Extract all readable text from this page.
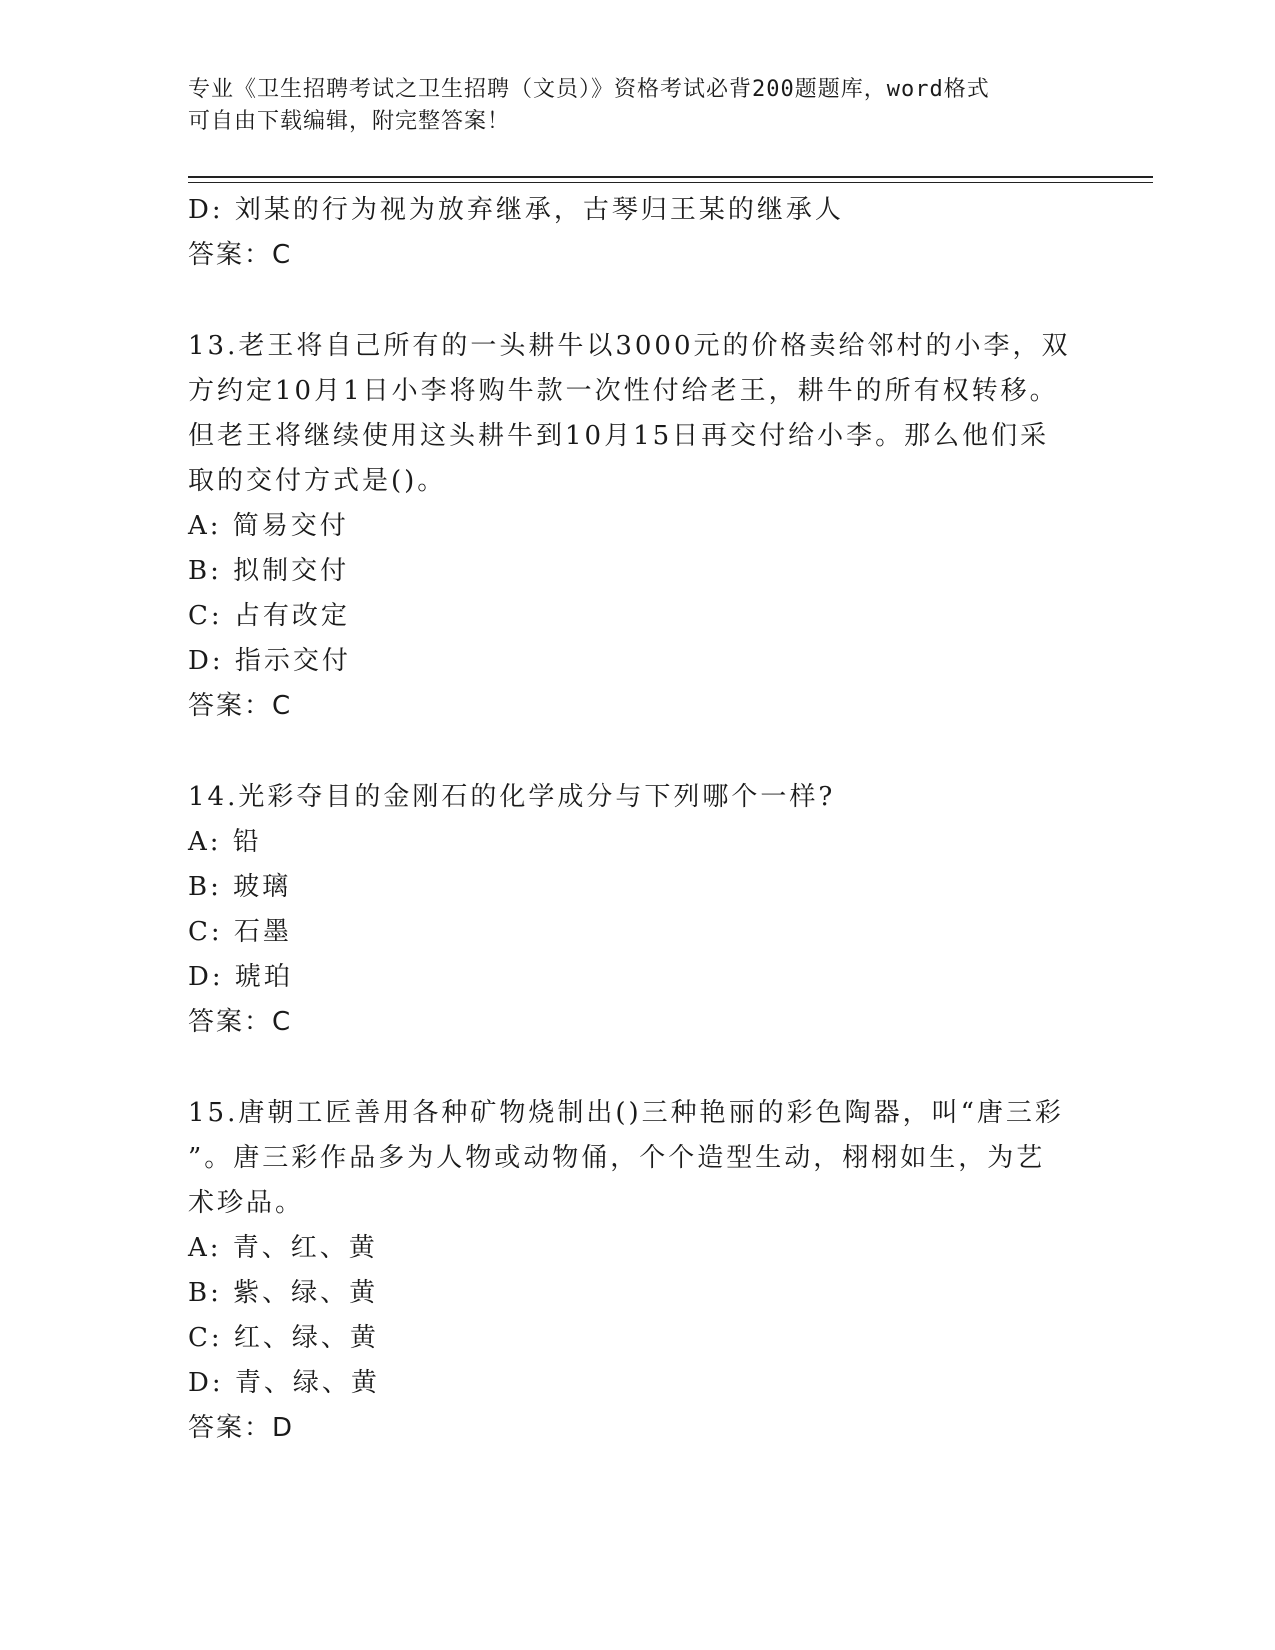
专业《卫生招聘考试之卫生招聘（文员）》资格考试必背200题题库，word格式
可自由下载编辑，附完整答案！
D: 刘某的行为视为放弃继承，古琴归王某的继承人
答案：C
13.老王将自己所有的一头耕牛以3000元的价格卖给邻村的小李，双
方约定10月1日小李将购牛款一次性付给老王，耕牛的所有权转移。
但老王将继续使用这头耕牛到10月15日再交付给小李。那么他们采
取的交付方式是()。
A: 简易交付
B: 拟制交付
C: 占有改定
D: 指示交付
答案：C
14.光彩夺目的金刚石的化学成分与下列哪个一样?
A: 铅
B: 玻璃
C: 石墨
D: 琥珀
答案：C
15.唐朝工匠善用各种矿物烧制出()三种艳丽的彩色陶器，叫“唐三彩
”。唐三彩作品多为人物或动物俑，个个造型生动，栩栩如生，为艺
术珍品。
A: 青、红、黄
B: 紫、绿、黄
C: 红、绿、黄
D: 青、绿、黄
答案：D
